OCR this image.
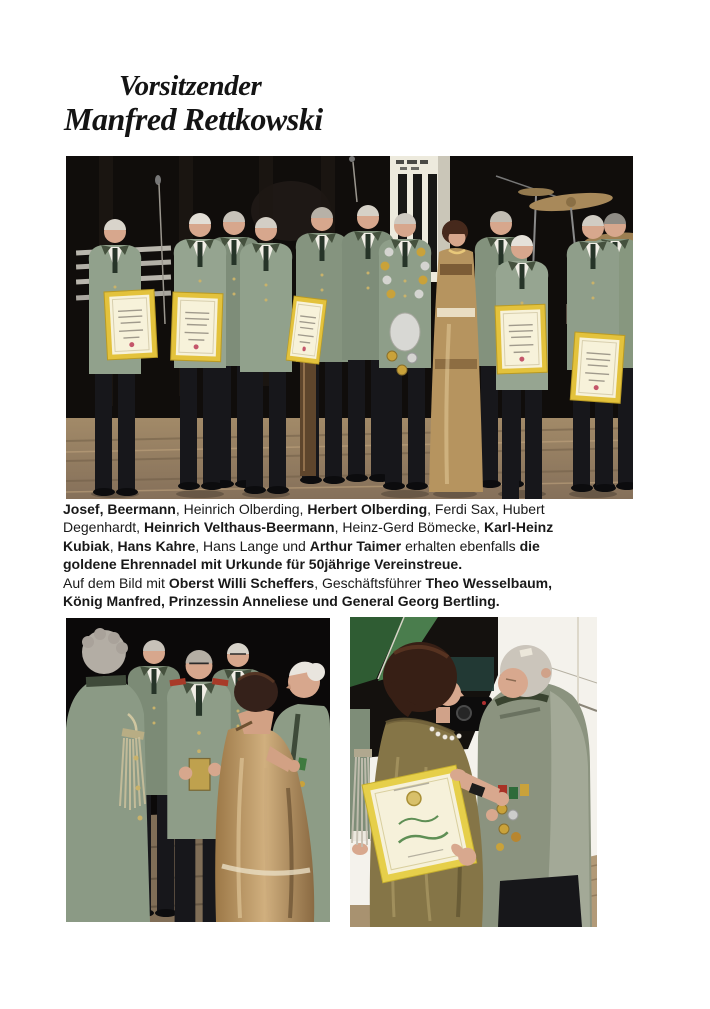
Vorsitzender
Manfred Rettkowski
Josef, Beermann, Heinrich Olberding, Herbert Olberding, Ferdi Sax, Hubert
Degenhardt, Heinrich Velthaus-Beermann, Heinz-Gerd Bömecke, Karl-Heinz
Kubiak, Hans Kahre, Hans Lange und Arthur Taimer erhalten ebenfalls die
goldene Ehrennadel mit Urkunde für 50jährige Vereinstreue.
Auf dem Bild mit Oberst Willi Scheffers, Geschäftsführer Theo Wesselbaum,
König Manfred, Prinzessin Anneliese und General Georg Bertling.
